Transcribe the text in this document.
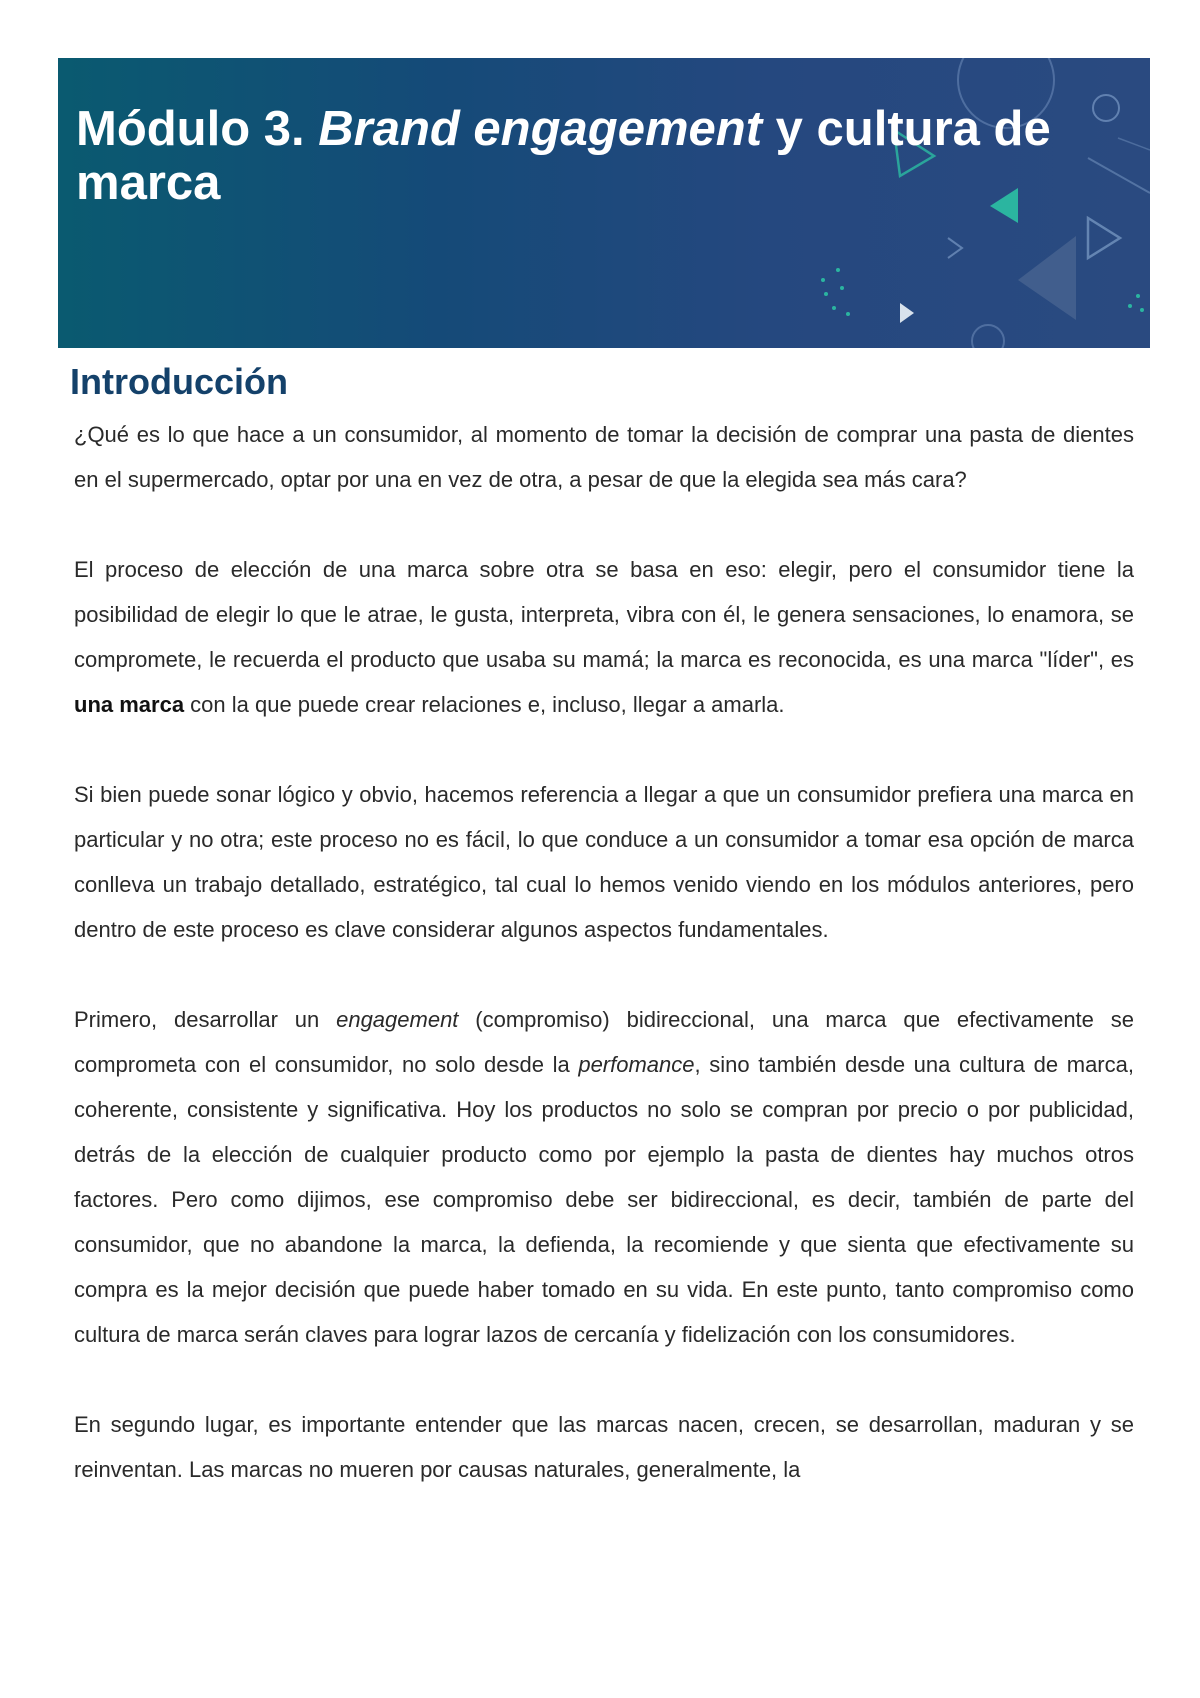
Módulo 3. Brand engagement y cultura de marca
Introducción

¿Qué es lo que hace a un consumidor, al momento de tomar la decisión de comprar una pasta de dientes en el supermercado, optar por una en vez de otra, a pesar de que la elegida sea más cara?

El proceso de elección de una marca sobre otra se basa en eso: elegir, pero el consumidor tiene la posibilidad de elegir lo que le atrae, le gusta, interpreta, vibra con él, le genera sensaciones, lo enamora, se compromete, le recuerda el producto que usaba su mamá; la marca es reconocida, es una marca "líder", es una marca con la que puede crear relaciones e, incluso, llegar a amarla.

Si bien puede sonar lógico y obvio, hacemos referencia a llegar a que un consumidor prefiera una marca en particular y no otra; este proceso no es fácil, lo que conduce a un consumidor a tomar esa opción de marca conlleva un trabajo detallado, estratégico, tal cual lo hemos venido viendo en los módulos anteriores, pero dentro de este proceso es clave considerar algunos aspectos fundamentales.

Primero, desarrollar un engagement (compromiso) bidireccional, una marca que efectivamente se comprometa con el consumidor, no solo desde la perfomance, sino también desde una cultura de marca, coherente, consistente y significativa. Hoy los productos no solo se compran por precio o por publicidad, detrás de la elección de cualquier producto como por ejemplo la pasta de dientes hay muchos otros factores. Pero como dijimos, ese compromiso debe ser bidireccional, es decir, también de parte del consumidor, que no abandone la marca, la defienda, la recomiende y que sienta que efectivamente su compra es la mejor decisión que puede haber tomado en su vida. En este punto, tanto compromiso como cultura de marca serán claves para lograr lazos de cercanía y fidelización con los consumidores.

En segundo lugar, es importante entender que las marcas nacen, crecen, se desarrollan, maduran y se reinventan. Las marcas no mueren por causas naturales, generalmente, la
